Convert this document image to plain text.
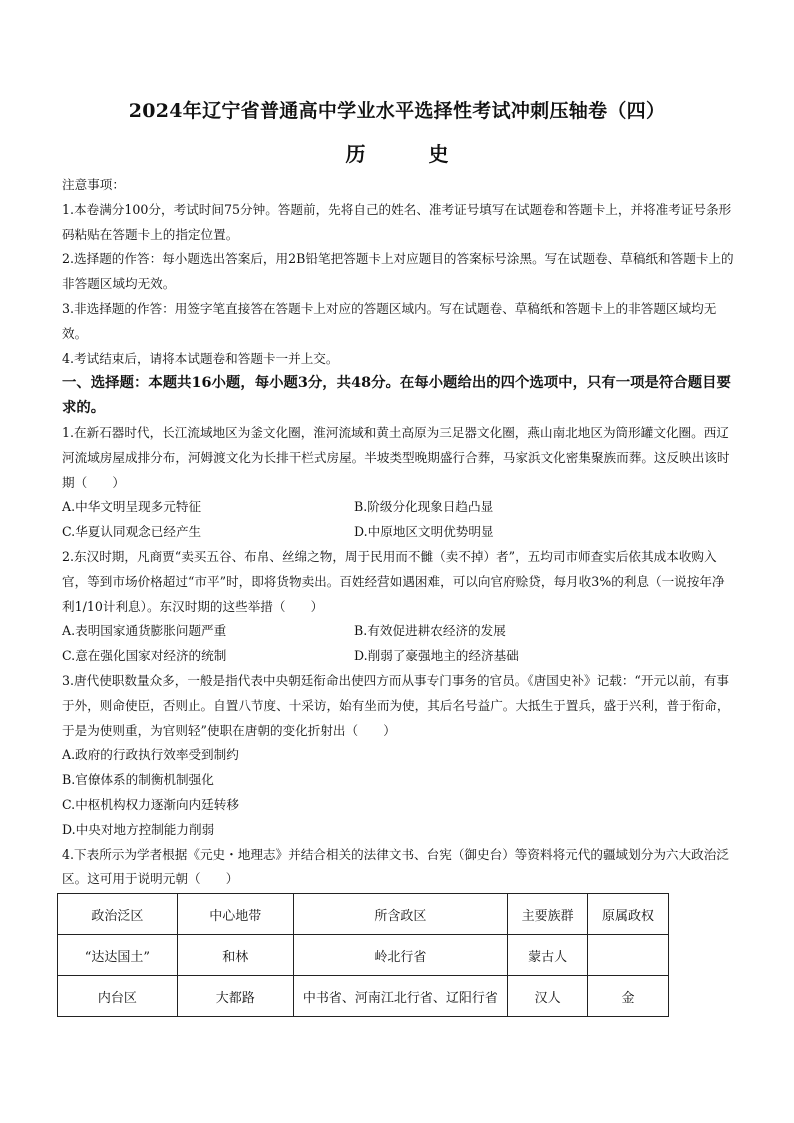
2024年辽宁省普通高中学业水平选择性考试冲刺压轴卷（四）
历 史

注意事项：

1.本卷满分100分，考试时间75分钟。答题前，先将自己的姓名、准考证号填写在试题卷和答题卡上，并将准考证号条形码粘贴在答题卡上的指定位置。

2.选择题的作答：每小题选出答案后，用2B铅笔把答题卡上对应题目的答案标号涂黑。写在试题卷、草稿纸和答题卡上的非答题区域均无效。

3.非选择题的作答：用签字笔直接答在答题卡上对应的答题区域内。写在试题卷、草稿纸和答题卡上的非答题区域均无效。

4.考试结束后，请将本试题卷和答题卡一并上交。

一、选择题：本题共16小题，每小题3分，共48分。在每小题给出的四个选项中，只有一项是符合题目要求的。

1.在新石器时代，长江流域地区为釜文化圈，淮河流域和黄土高原为三足器文化圈，燕山南北地区为筒形罐文化圈。西辽河流域房屋成排分布，河姆渡文化为长排干栏式房屋。半坡类型晚期盛行合葬，马家浜文化密集聚族而葬。这反映出该时期（　　）

A.中华文明呈现多元特征	B.阶级分化现象日趋凸显
C.华夏认同观念已经产生	D.中原地区文明优势明显

2.东汉时期，凡商贾“卖买五谷、布帛、丝绵之物，周于民用而不雠（卖不掉）者”，五均司市师查实后依其成本收购入官，等到市场价格超过“市平”时，即将货物卖出。百姓经营如遇困难，可以向官府赊贷，每月收3%的利息（一说按年净利1/10计利息）。东汉时期的这些举措（　　）

A.表明国家通货膨胀问题严重	B.有效促进耕农经济的发展
C.意在强化国家对经济的统制	D.削弱了豪强地主的经济基础

3.唐代使职数量众多，一般是指代表中央朝廷衔命出使四方而从事专门事务的官员。《唐国史补》记载：“开元以前，有事于外，则命使臣，否则止。自置八节度、十采访，始有坐而为使，其后名号益广。大抵生于置兵，盛于兴利，普于衔命，于是为使则重，为官则轻”使职在唐朝的变化折射出（　　）

A.政府的行政执行效率受到制约

B.官僚体系的制衡机制强化

C.中枢机构权力逐渐向内廷转移

D.中央对地方控制能力削弱

4.下表所示为学者根据《元史・地理志》并结合相关的法律文书、台宪（御史台）等资料将元代的疆域划分为六大政治泛区。这可用于说明元朝（　　）

政治泛区	中心地带	所含政区	主要族群	原属政权
“达达国土”	和林	岭北行省	蒙古人	
内台区	大都路	中书省、河南江北行省、辽阳行省	汉人	金
